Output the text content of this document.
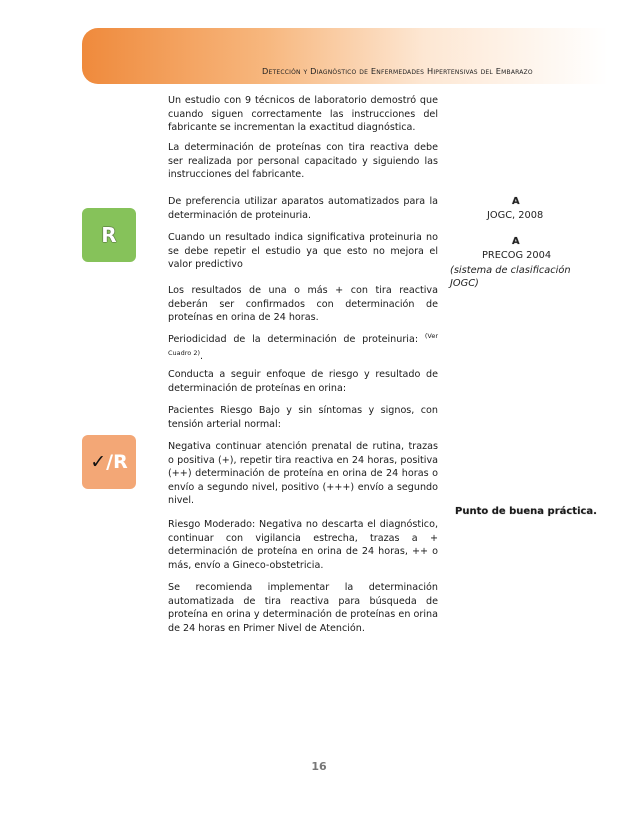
Detección y Diagnóstico de Enfermedades Hipertensivas del Embarazo
R
✓ /R

Un estudio con 9 técnicos de laboratorio demostró que cuando siguen correctamente las instrucciones del fabricante se incrementan la exactitud diagnóstica.

La determinación de proteínas con tira reactiva debe ser realizada por personal capacitado y siguiendo las instrucciones del fabricante.

De preferencia utilizar aparatos automatizados para la determinación de proteinuria.

Cuando un resultado indica significativa proteinuria no se debe repetir el estudio ya que esto no mejora el valor predictivo

Los resultados de una o más + con tira reactiva deberán ser confirmados con determinación de proteínas en orina de 24 horas.

Periodicidad de la determinación de proteinuria: $^{(Ver Cuadro 2)}$.

Conducta a seguir enfoque de riesgo y resultado de determinación de proteínas en orina:

Pacientes Riesgo Bajo y sin síntomas y signos, con tensión arterial normal:

Negativa continuar atención prenatal de rutina, trazas o positiva (+), repetir tira reactiva en 24 horas, positiva (++) determinación de proteína en orina de 24 horas o envío a segundo nivel, positivo (+++) envío a segundo nivel.

Riesgo Moderado: Negativa no descarta el diagnóstico, continuar con vigilancia estrecha, trazas a + determinación de proteína en orina de 24 horas, ++ o más, envío a Gineco-obstetricia.

Se recomienda implementar la determinación automatizada de tira reactiva para búsqueda de proteína en orina y determinación de proteínas en orina de 24 horas en Primer Nivel de Atención.

A
JOGC, 2008
A
PRECOG 2004
(sistema de clasificación JOGC)
Punto de buena práctica.
16
